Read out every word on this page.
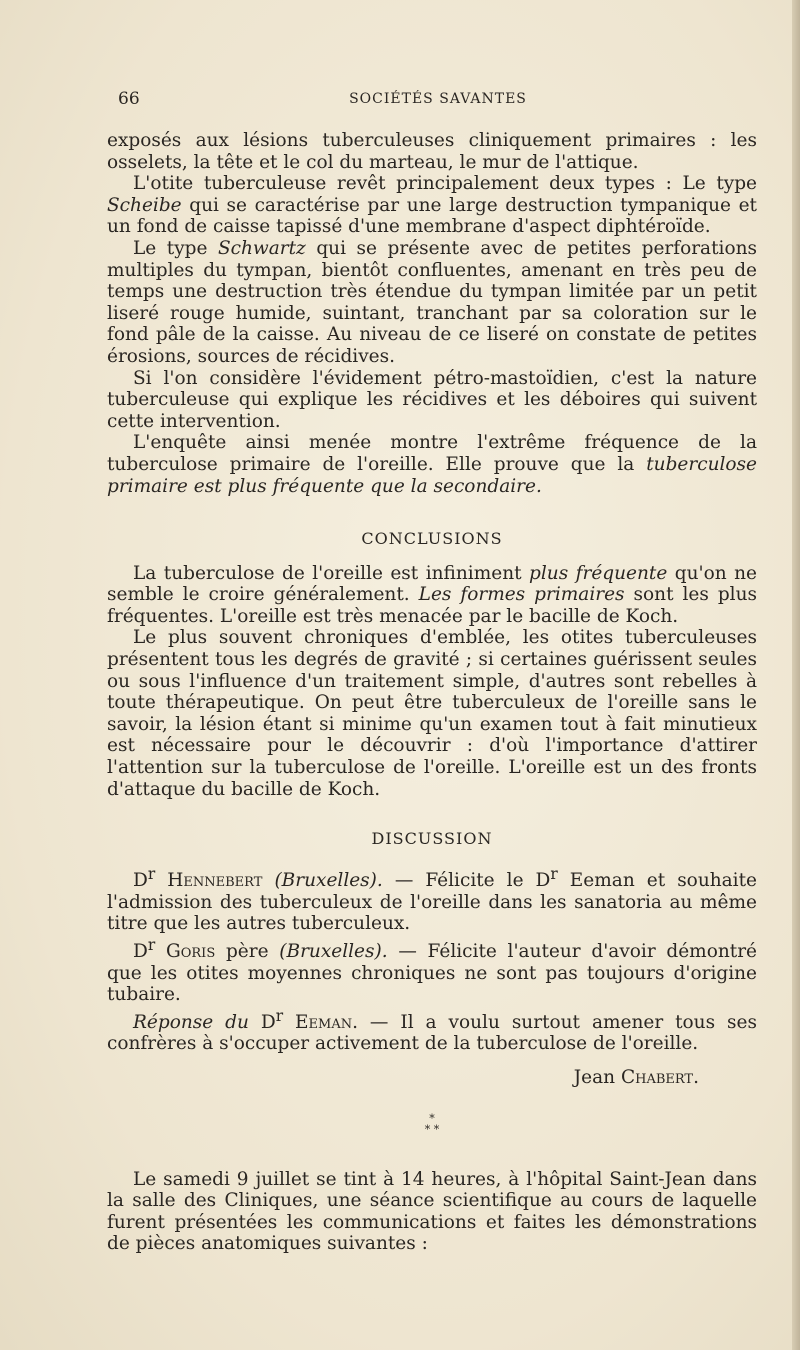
66	SOCIÉTÉS SAVANTES

exposés aux lésions tuberculeuses cliniquement primaires : les osselets, la tête et le col du marteau, le mur de l'attique.

L'otite tuberculeuse revêt principalement deux types : Le type Scheibe qui se caractérise par une large destruction tympanique et un fond de caisse tapissé d'une membrane d'aspect diphtéroïde.

Le type Schwartz qui se présente avec de petites perforations multiples du tympan, bientôt confluentes, amenant en très peu de temps une destruction très étendue du tympan limitée par un petit liseré rouge humide, suintant, tranchant par sa coloration sur le fond pâle de la caisse. Au niveau de ce liseré on constate de petites érosions, sources de récidives.

Si l'on considère l'évidement pétro-mastoïdien, c'est la nature tuberculeuse qui explique les récidives et les déboires qui suivent cette intervention.

L'enquête ainsi menée montre l'extrême fréquence de la tuberculose primaire de l'oreille. Elle prouve que la tuberculose primaire est plus fréquente que la secondaire.

CONCLUSIONS

La tuberculose de l'oreille est infiniment plus fréquente qu'on ne semble le croire généralement. Les formes primaires sont les plus fréquentes. L'oreille est très menacée par le bacille de Koch.

Le plus souvent chroniques d'emblée, les otites tuberculeuses présentent tous les degrés de gravité ; si certaines guérissent seules ou sous l'influence d'un traitement simple, d'autres sont rebelles à toute thérapeutique. On peut être tuberculeux de l'oreille sans le savoir, la lésion étant si minime qu'un examen tout à fait minutieux est nécessaire pour le découvrir : d'où l'importance d'attirer l'attention sur la tuberculose de l'oreille. L'oreille est un des fronts d'attaque du bacille de Koch.

DISCUSSION

$D^r$ Hennebert (Bruxelles). — Félicite le $D^r$ Eeman et souhaite l'admission des tuberculeux de l'oreille dans les sanatoria au même titre que les autres tuberculeux.

$D^r$ Goris père (Bruxelles). — Félicite l'auteur d'avoir démontré que les otites moyennes chroniques ne sont pas toujours d'origine tubaire.

Réponse du $D^r$ Eeman. — Il a voulu surtout amener tous ses confrères à s'occuper activement de la tuberculose de l'oreille.

Jean Chabert.

*

* *

Le samedi 9 juillet se tint à 14 heures, à l'hôpital Saint-Jean dans la salle des Cliniques, une séance scientifique au cours de laquelle furent présentées les communications et faites les démonstrations de pièces anatomiques suivantes :
